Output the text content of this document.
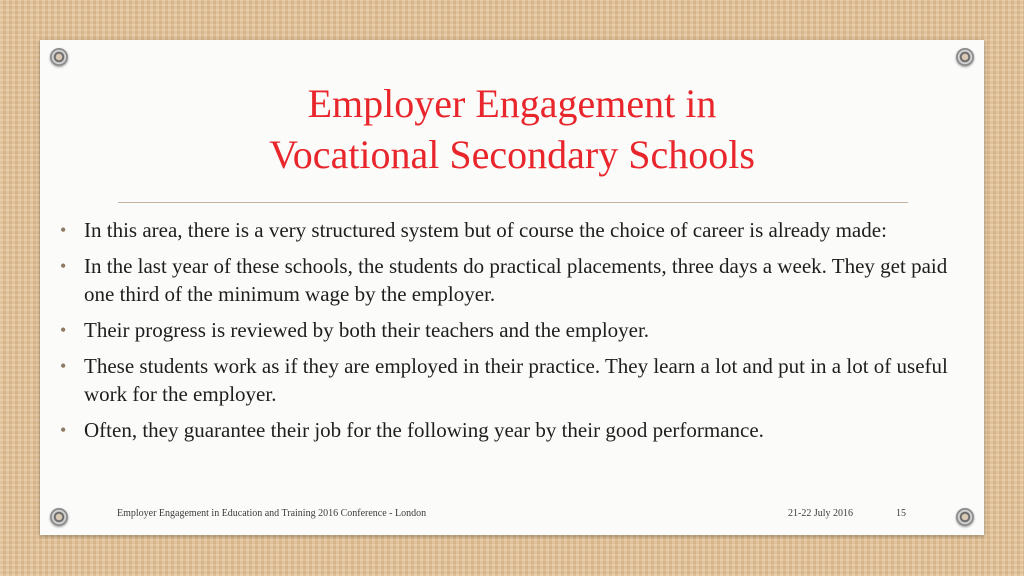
Employer Engagement in
Vocational Secondary Schools
• In this area, there is a very structured system but of course the choice of career is already made:
• In the last year of these schools, the students do practical placements, three days a week. They get paid one third of the minimum wage by the employer.
• Their progress is reviewed by both their teachers and the employer.
• These students work as if they are employed in their practice. They learn a lot and put in a lot of useful work for the employer.
• Often, they guarantee their job for the following year by their good performance.
Employer Engagement in Education and Training 2016 Conference - London	21-22 July 2016	15
